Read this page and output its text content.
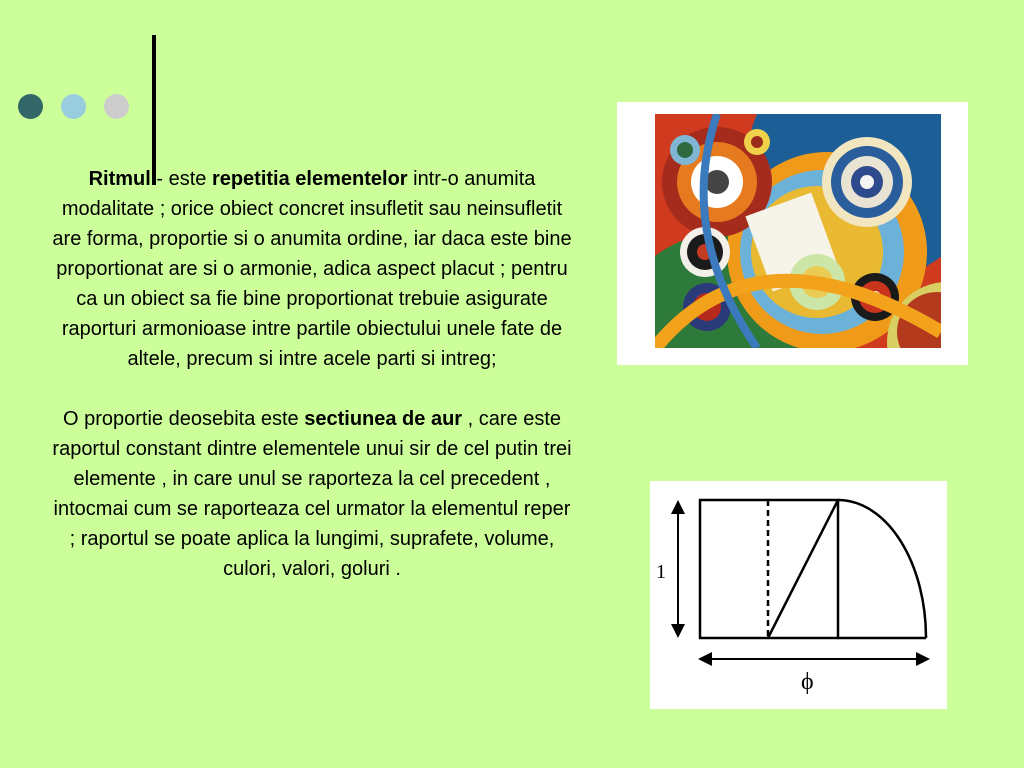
Ritmul - este repetitia elementelor intr-o anumita modalitate ; orice obiect concret insufletit sau neinsufletit are forma, proportie si o anumita ordine, iar daca este bine proportionat are si o armonie, adica aspect placut ; pentru ca un obiect sa fie bine proportionat trebuie asigurate raporturi armonioase intre partile obiectului unele fate de altele, precum si intre acele parti si intreg;

O proportie deosebita este sectiunea de aur , care este raportul constant dintre elementele unui sir de cel putin trei elemente , in care unul se raporteza la cel precedent , intocmai cum se raporteaza cel urmator la elementul reper ; raportul se poate aplica la lungimi, suprafete, volume, culori, valori, goluri .	1
ϕ
